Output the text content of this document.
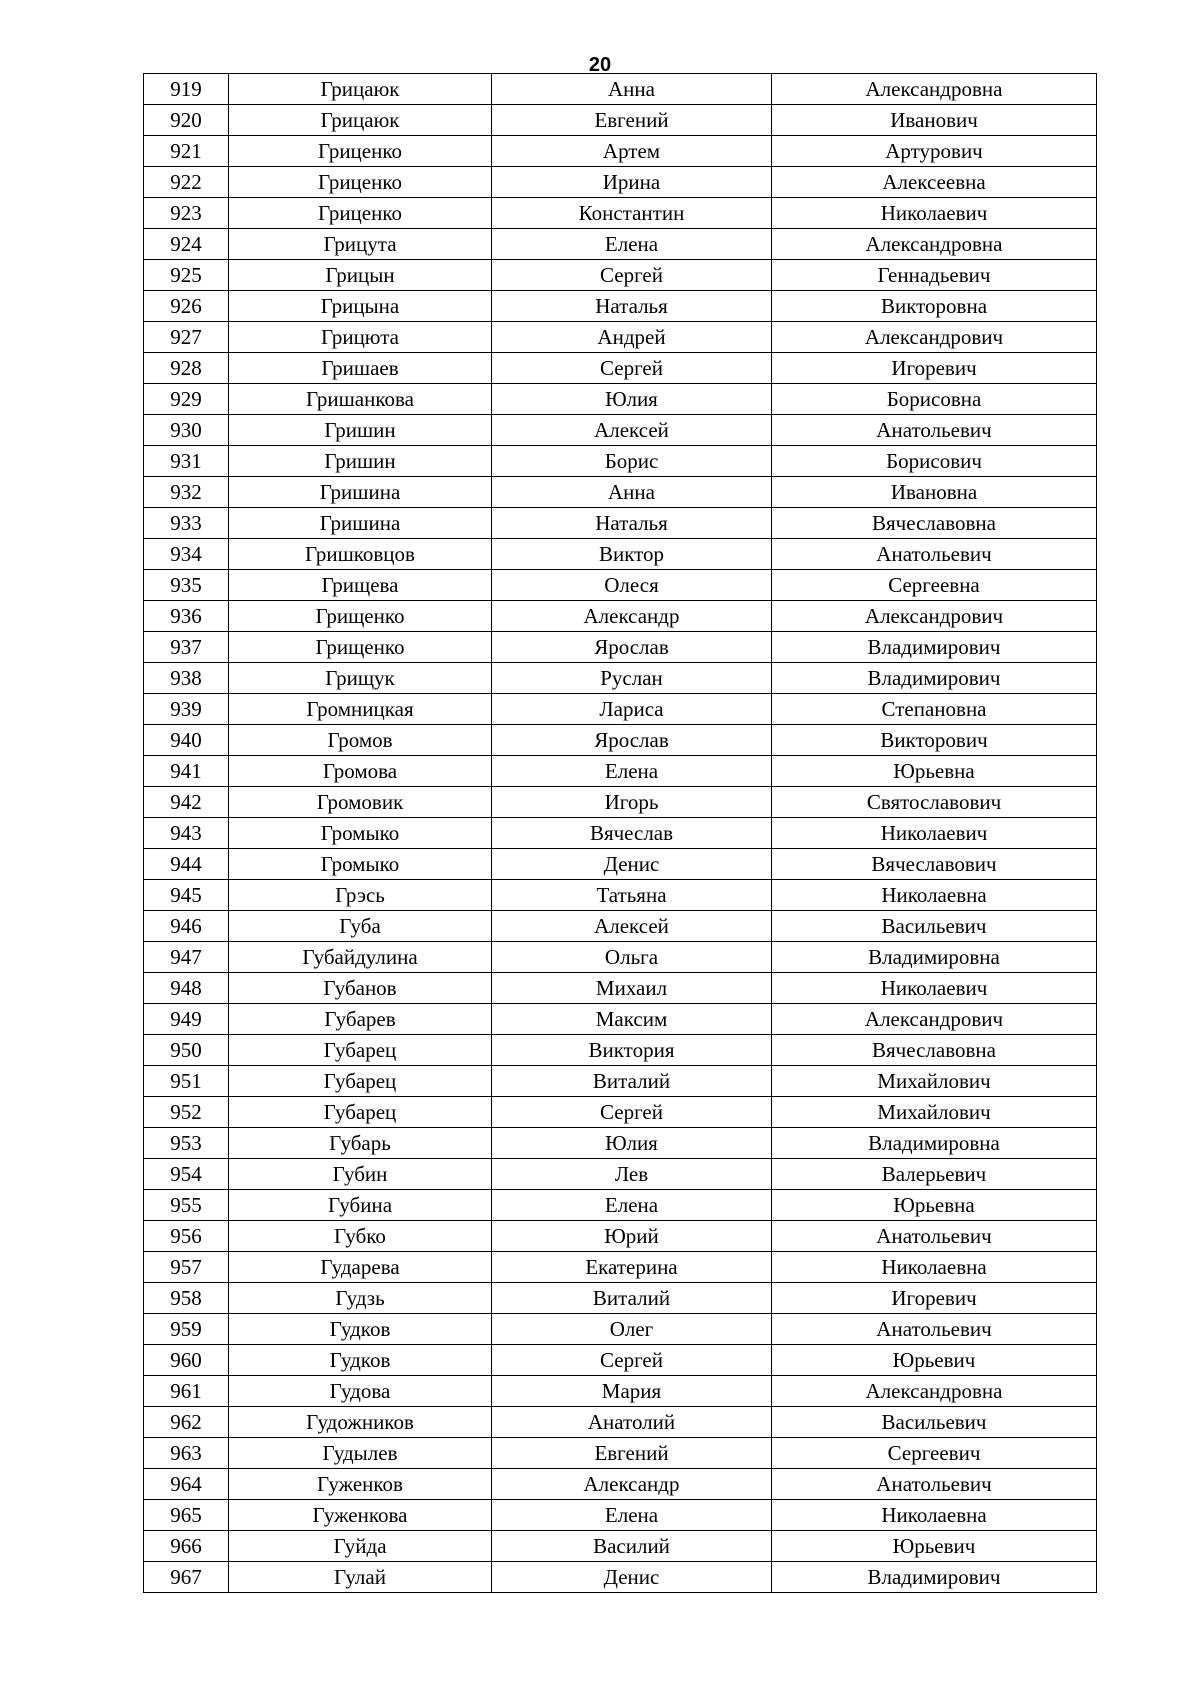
20
919	Грицаюк	Анна	Александровна
920	Грицаюк	Евгений	Иванович
921	Гриценко	Артем	Артурович
922	Гриценко	Ирина	Алексеевна
923	Гриценко	Константин	Николаевич
924	Грицута	Елена	Александровна
925	Грицын	Сергей	Геннадьевич
926	Грицына	Наталья	Викторовна
927	Грицюта	Андрей	Александрович
928	Гришаев	Сергей	Игоревич
929	Гришанкова	Юлия	Борисовна
930	Гришин	Алексей	Анатольевич
931	Гришин	Борис	Борисович
932	Гришина	Анна	Ивановна
933	Гришина	Наталья	Вячеславовна
934	Гришковцов	Виктор	Анатольевич
935	Грищева	Олеся	Сергеевна
936	Грищенко	Александр	Александрович
937	Грищенко	Ярослав	Владимирович
938	Грищук	Руслан	Владимирович
939	Громницкая	Лариса	Степановна
940	Громов	Ярослав	Викторович
941	Громова	Елена	Юрьевна
942	Громовик	Игорь	Святославович
943	Громыко	Вячеслав	Николаевич
944	Громыко	Денис	Вячеславович
945	Грэсь	Татьяна	Николаевна
946	Губа	Алексей	Васильевич
947	Губайдулина	Ольга	Владимировна
948	Губанов	Михаил	Николаевич
949	Губарев	Максим	Александрович
950	Губарец	Виктория	Вячеславовна
951	Губарец	Виталий	Михайлович
952	Губарец	Сергей	Михайлович
953	Губарь	Юлия	Владимировна
954	Губин	Лев	Валерьевич
955	Губина	Елена	Юрьевна
956	Губко	Юрий	Анатольевич
957	Гударева	Екатерина	Николаевна
958	Гудзь	Виталий	Игоревич
959	Гудков	Олег	Анатольевич
960	Гудков	Сергей	Юрьевич
961	Гудова	Мария	Александровна
962	Гудожников	Анатолий	Васильевич
963	Гудылев	Евгений	Сергеевич
964	Гуженков	Александр	Анатольевич
965	Гуженкова	Елена	Николаевна
966	Гуйда	Василий	Юрьевич
967	Гулай	Денис	Владимирович
